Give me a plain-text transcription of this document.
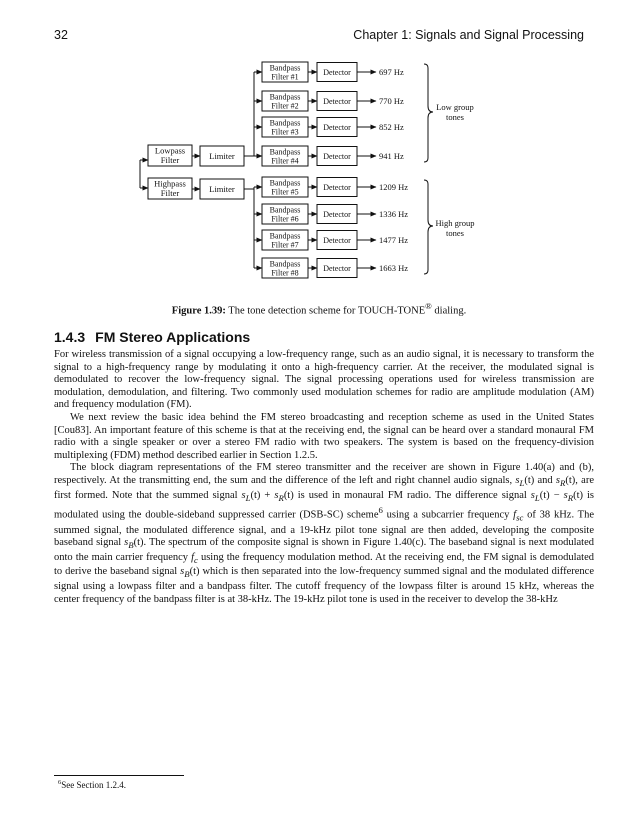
32	Chapter 1: Signals and Signal Processing
Lowpass
Filter	Limiter
Highpass
Filter	Limiter
Bandpass
Filter #1	Detector	697 Hz
Bandpass
Filter #2	Detector	770 Hz
Bandpass
Filter #3	Detector	852 Hz
Bandpass
Filter #4	Detector	941 Hz
Bandpass
Filter #5	Detector	1209 Hz
Bandpass
Filter #6	Detector	1336 Hz
Bandpass
Filter #7	Detector	1477 Hz
Bandpass
Filter #8	Detector	1663 Hz
Low group
tones
High group
tones
Figure 1.39: The tone detection scheme for TOUCH-TONE® dialing.
1.4.3 FM Stereo Applications

For wireless transmission of a signal occupying a low-frequency range, such as an audio signal, it is necessary to transform the signal to a high-frequency range by modulating it onto a high-frequency carrier. At the receiver, the modulated signal is demodulated to recover the low-frequency signal. The signal processing operations used for wireless transmission are modulation, demodulation, and filtering. Two commonly used modulation schemes for radio are amplitude modulation (AM) and frequency modulation (FM).

We next review the basic idea behind the FM stereo broadcasting and reception scheme as used in the United States [Cou83]. An important feature of this scheme is that at the receiving end, the signal can be heard over a standard monaural FM radio with a single speaker or over a stereo FM radio with two speakers. The system is based on the frequency-division multiplexing (FDM) method described earlier in Section 1.2.5.

The block diagram representations of the FM stereo transmitter and the receiver are shown in Figure 1.40(a) and (b), respectively. At the transmitting end, the sum and the difference of the left and right channel audio signals, $s_L(t)$ and $s_R(t)$, are first formed. Note that the summed signal $s_L(t) + s_R(t)$ is used in monaural FM radio. The difference signal $s_L(t) - s_R(t)$ is modulated using the double-sideband suppressed carrier (DSB-SC) scheme$^6$ using a subcarrier frequency $f_{sc}$ of 38 kHz. The summed signal, the modulated difference signal, and a 19-kHz pilot tone signal are then added, developing the composite baseband signal $s_B(t)$. The spectrum of the composite signal is shown in Figure 1.40(c). The baseband signal is next modulated onto the main carrier frequency $f_c$ using the frequency modulation method. At the receiving end, the FM signal is demodulated to derive the baseband signal $s_B(t)$ which is then separated into the low-frequency summed signal and the modulated difference signal using a lowpass filter and a bandpass filter. The cutoff frequency of the lowpass filter is around 15 kHz, whereas the center frequency of the bandpass filter is at 38-kHz. The 19-kHz pilot tone is used in the receiver to develop the 38-kHz

$^6$See Section 1.2.4.
